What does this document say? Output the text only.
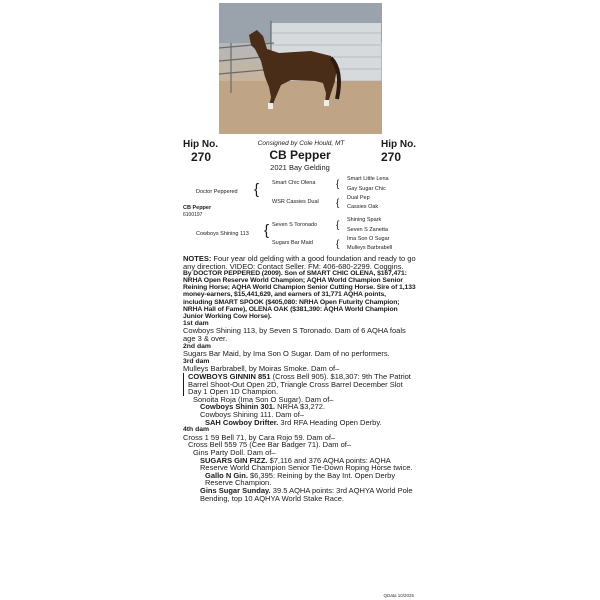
Hip No.
270
Hip No.
270
Consigned by Cole Hould, MT
CB Pepper
2021 Bay Gelding
Doctor Peppered
CB Pepper
6100197
Cowboys Shining 113
{ Smart Chic Olena
WSR Cassies Dual
{ Seven S Toronado
Sugars Bar Maid
{ Smart Little Lena
Gay Sugar Chic
{ Dual Pep
Cassies Oak
{ Shining Spark
Seven S Zanetta
{ Ima Son O Sugar
Mulleys Barbrabell

NOTES: Four year old gelding with a good foundation and ready to go any direction. VIDEO: Contact Seller. FM: 406-680-2299. Coggins.

By DOCTOR PEPPERED (2009). Son of SMART CHIC OLENA, $167,471: NRHA Open Reserve World Champion; AQHA World Champion Senior Reining Horse; AQHA World Champion Senior Cutting Horse. Sire of 1,133 money-earners, $15,441,629, and earners of 31,771 AQHA points, including SMART SPOOK ($405,080: NRHA Open Futurity Champion; NRHA Hall of Fame), OLENA OAK ($381,390: AQHA World Champion Junior Working Cow Horse).

1st dam

Cowboys Shining 113, by Seven S Toronado. Dam of 6 AQHA foals age 3 & over.

2nd dam

Sugars Bar Maid, by Ima Son O Sugar. Dam of no performers.

3rd dam

Mulleys Barbrabell, by Moiras Smoke. Dam of–

COWBOYS GINNIN 851 (Cross Bell 905). $18,307: 9th The Patriot Barrel Shoot-Out Open 2D, Triangle Cross Barrel December Slot Day 1 Open 1D Champion.

Sonoita Roja (Ima Son O Sugar). Dam of–

Cowboys Shinin 301. NRHA $3,272.

Cowboys Shining 111. Dam of–

SAH Cowboy Drifter. 3rd RFA Heading Open Derby.

4th dam

Cross 1 59 Bell 71, by Cara Rojo 59. Dam of–

Cross Bell 559 75 (Cee Bar Badger 71). Dam of–

Gins Party Doll. Dam of–

SUGARS GIN FIZZ. $7,116 and 376 AQHA points: AQHA Reserve World Champion Senior Tie-Down Roping Horse twice.

Gallo N Gin. $6,395: Reining by the Bay Int. Open Derby Reserve Champion.

Gins Sugar Sunday. 39.5 AQHA points: 3rd AQHYA World Pole Bending, top 10 AQHYA World Stake Race.

QData 10/2025
